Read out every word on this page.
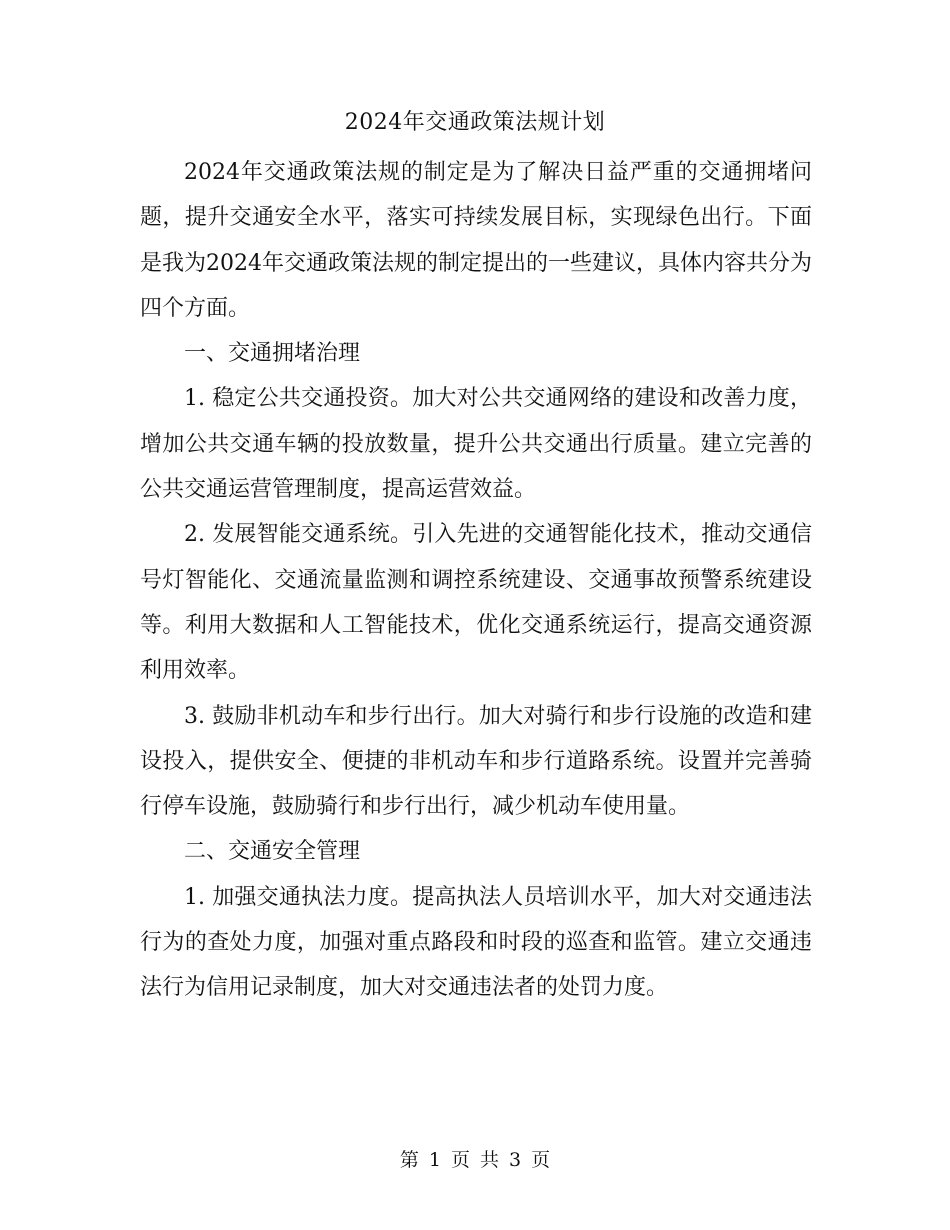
2024年交通政策法规计划

2024年交通政策法规的制定是为了解决日益严重的交通拥堵问题，提升交通安全水平，落实可持续发展目标，实现绿色出行。下面是我为2024年交通政策法规的制定提出的一些建议，具体内容共分为四个方面。

一、交通拥堵治理

1. 稳定公共交通投资。加大对公共交通网络的建设和改善力度，增加公共交通车辆的投放数量，提升公共交通出行质量。建立完善的公共交通运营管理制度，提高运营效益。

2. 发展智能交通系统。引入先进的交通智能化技术，推动交通信号灯智能化、交通流量监测和调控系统建设、交通事故预警系统建设等。利用大数据和人工智能技术，优化交通系统运行，提高交通资源利用效率。

3. 鼓励非机动车和步行出行。加大对骑行和步行设施的改造和建设投入，提供安全、便捷的非机动车和步行道路系统。设置并完善骑行停车设施，鼓励骑行和步行出行，减少机动车使用量。

二、交通安全管理

1. 加强交通执法力度。提高执法人员培训水平，加大对交通违法行为的查处力度，加强对重点路段和时段的巡查和监管。建立交通违法行为信用记录制度，加大对交通违法者的处罚力度。

第 1 页 共 3 页
